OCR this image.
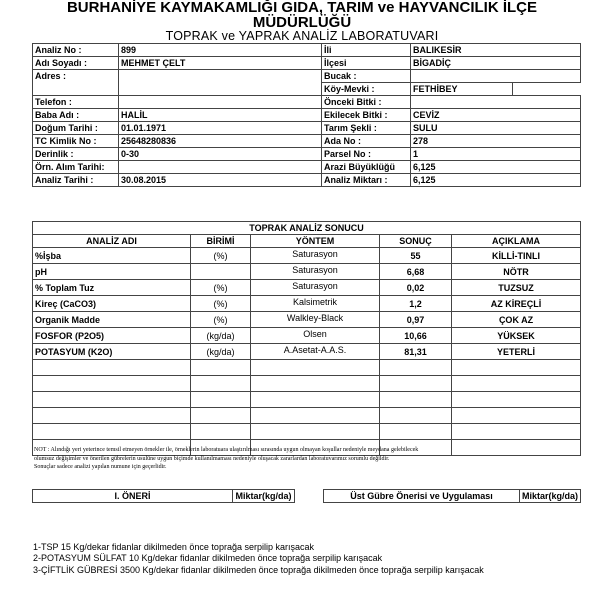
BURHANİYE KAYMAKAMLIĞI GIDA, TARIM ve HAYVANCILIK İLÇE
MÜDÜRLÜĞÜ
TOPRAK ve YAPRAK ANALİZ LABORATUVARI
Analiz No :	899	İli	BALIKESİR	
Adı Soyadı :	MEHMET ÇELT	İlçesi	BİGADİÇ	
Adres :		Bucak :		
		Köy-Mevki :	FETHİBEY	
Telefon :		Önceki Bitki :		
Baba Adı :	HALİL	Ekilecek Bitki :	CEVİZ	
Doğum Tarihi :	01.01.1971	Tarım Şekli :	SULU	
TC Kimlik No :	25648280836	Ada No :	278	
Derinlik :	0-30	Parsel No :	1	
Örn. Alım Tarihi:		Arazi Büyüklüğü	6,125	
Analiz Tarihi :	30.08.2015	Analiz Miktarı :	6,125	
TOPRAK ANALİZ SONUCU				
ANALİZ ADI	BİRİMİ	YÖNTEM	SONUÇ	AÇIKLAMA
%İşba	(%)	Saturasyon	55	KİLLİ-TINLI
pH		Saturasyon	6,68	NÖTR
% Toplam Tuz	(%)	Saturasyon	0,02	TUZSUZ
Kireç (CaCO3)	(%)	Kalsimetrik	1,2	AZ KİREÇLİ
Organik Madde	(%)	Walkley-Black	0,97	ÇOK AZ
FOSFOR (P2O5)	(kg/da)	Olsen	10,66	YÜKSEK
POTASYUM (K2O)	(kg/da)	A.Asetat-A.A.S.	81,31	YETERLİ

NOT : Alındığı yeri yeterince temsil etmeyen örnekler ile, örneklerin laboratuara ulaştırılması sırasında uygun olmayan koşullar nedeniyle meydana gelebilecek
olumsuz değişimler ve önerilen gübrelerin usulüne uygun biçimde kullanılmaması nedeniyle oluşacak zararlardan laboratuvarımız sorumlu değildir.
Sonuçlar sadece analizi yapılan numune için geçerlidir.
I. ÖNERİ	Miktar(kg/da)	Üst Gübre Önerisi ve Uygulaması	Miktar(kg/da)
1-TSP 15 Kg/dekar fidanlar dikilmeden önce toprağa serpilip karışacak
2-POTASYUM SÜLFAT 10 Kg/dekar fidanlar dikilmeden önce toprağa serpilip karışacak
3-ÇİFTLİK GÜBRESİ 3500 Kg/dekar fidanlar dikilmeden önce toprağa dikilmeden önce toprağa serpilip karışacak
